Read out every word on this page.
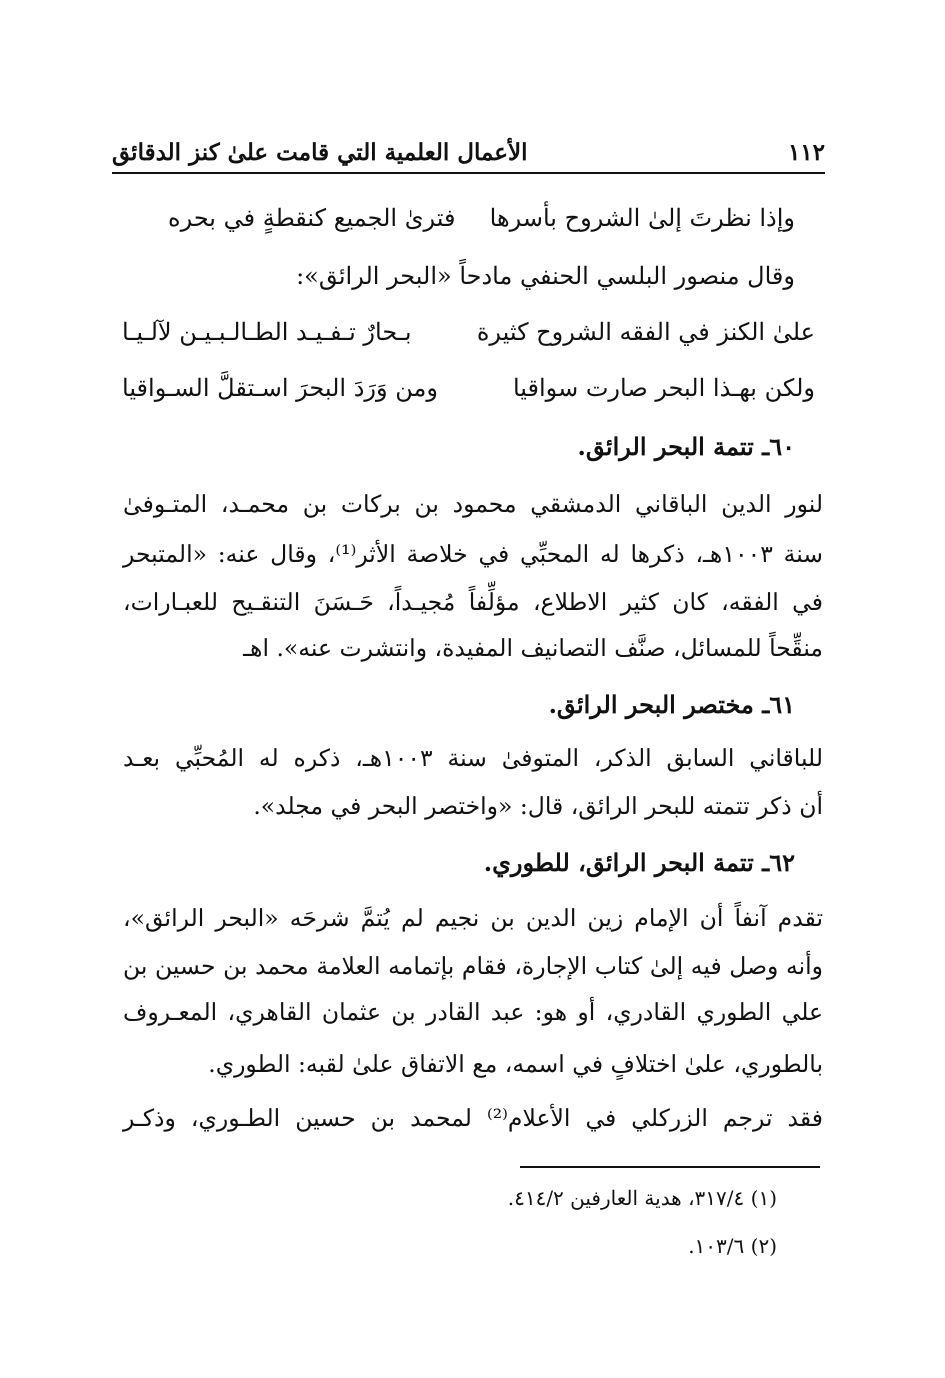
١١٢
الأعمال العلمية التي قامت علىٰ كنز الدقائق
وإذا نظرتَ إلىٰ الشروح بأسرها
فترىٰ الجميع كنقطةٍ في بحره
وقال منصور البلسي الحنفي مادحاً «البحر الرائق»:
علىٰ الكنز في الفقه الشروح كثيرة
بـحارٌ تـفـيـد الطـالـبـيـن لآلـيـا
ولكن بهـذا البحر صارت سواقيا
ومن وَرَدَ البحرَ اسـتقلَّ السـواقيا
٦٠ـ تتمة البحر الرائق.
لنور الدين الباقاني الدمشقي محمود بن بركات بن محمـد، المتـوفىٰ
سنة ١٠٠٣هـ، ذكرها له المحبِّي في خلاصة الأثر⁽¹⁾، وقال عنه: «المتبحر
في الفقه، كان كثير الاطلاع، مؤلِّفاً مُجيـداً، حَـسَنَ التنقـيح للعبـارات،
منقِّحاً للمسائل، صنَّف التصانيف المفيدة، وانتشرت عنه». اهـ
٦١ـ مختصر البحر الرائق.
للباقاني السابق الذكر، المتوفىٰ سنة ١٠٠٣هـ، ذكره له المُحبِّي بعـد
أن ذكر تتمته للبحر الرائق، قال: «واختصر البحر في مجلد».
٦٢ـ تتمة البحر الرائق، للطوري.
تقدم آنفاً أن الإمام زين الدين بن نجيم لم يُتمَّ شرحَه «البحر الرائق»،
وأنه وصل فيه إلىٰ كتاب الإجارة، فقام بإتمامه العلامة محمد بن حسين بن
علي الطوري القادري، أو هو: عبد القادر بن عثمان القاهري، المعـروف
بالطوري، علىٰ اختلافٍ في اسمه، مع الاتفاق علىٰ لقبه: الطوري.
فقد ترجم الزركلي في الأعلام⁽²⁾ لمحمد بن حسين الطـوري، وذكـر
(١) ٣١٧/٤، هدية العارفين ٤١٤/٢.
(٢) ١٠٣/٦.
